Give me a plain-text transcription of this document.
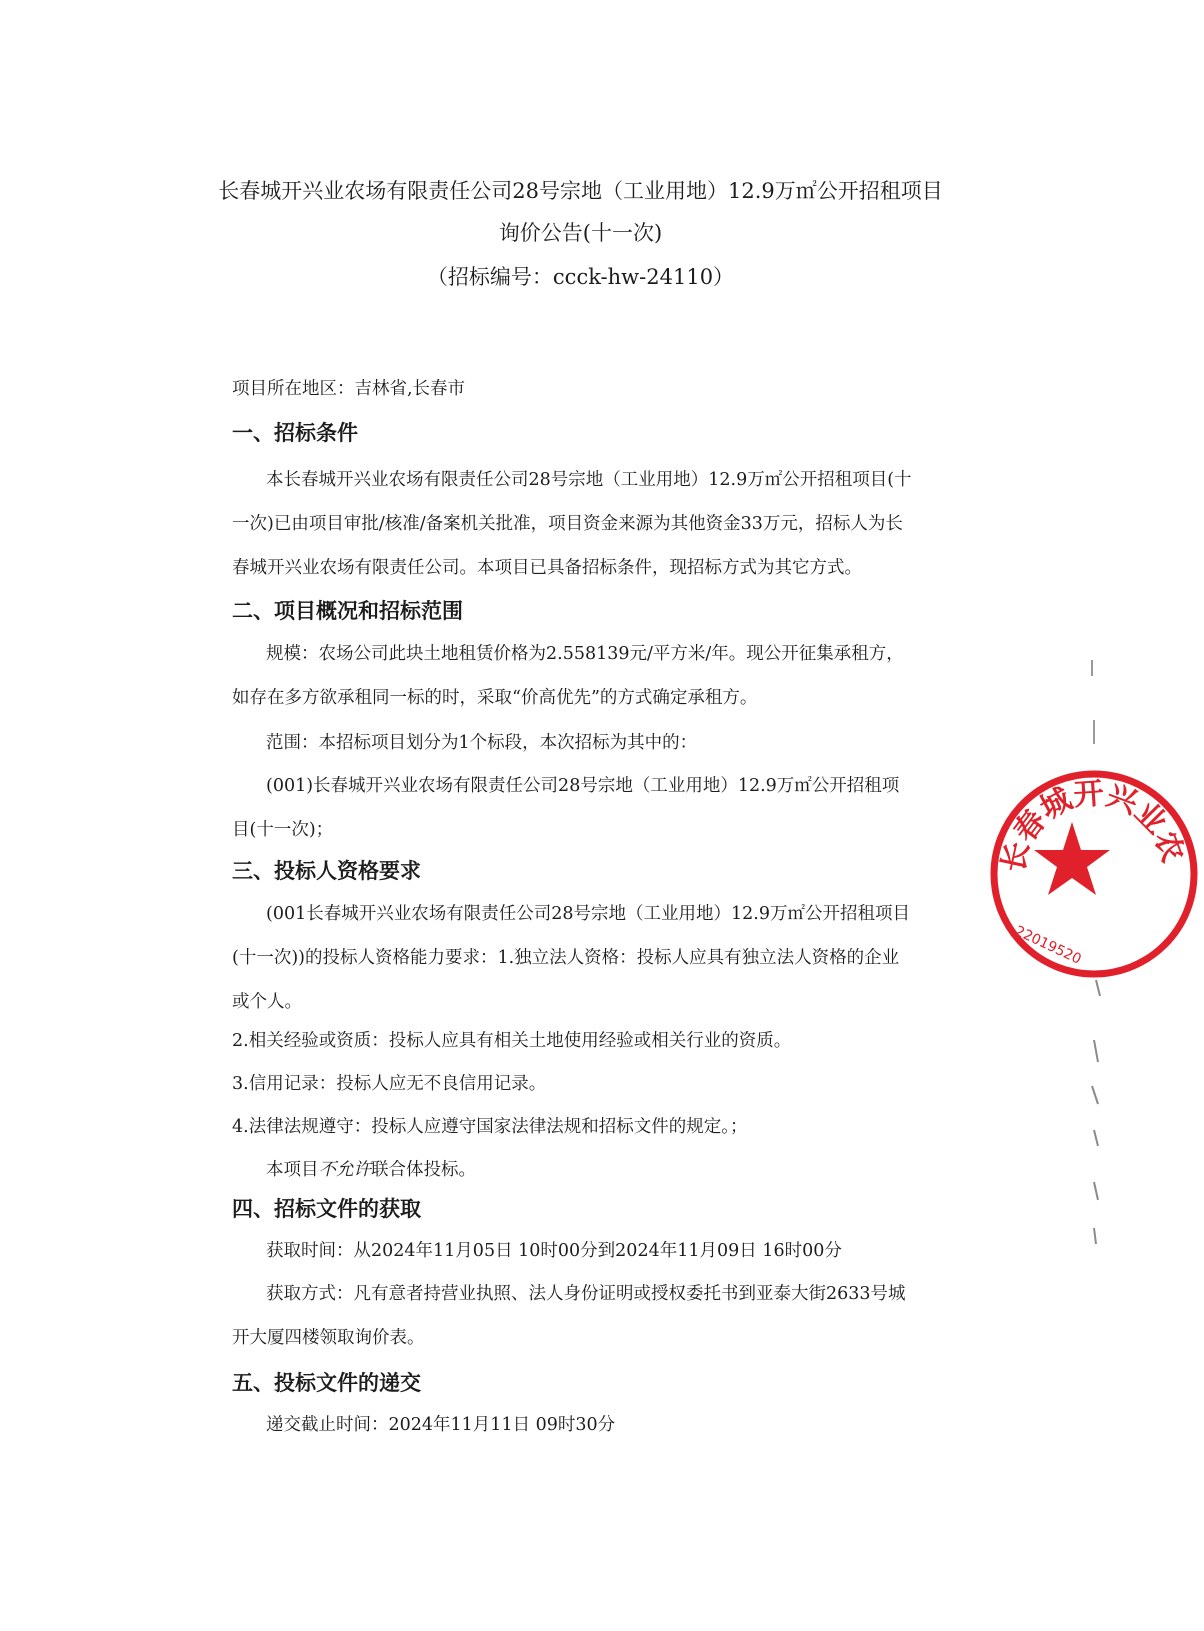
长春城开兴业农场有限责任公司28号宗地（工业用地）12.9万㎡公开招租项目
询价公告(十一次)
（招标编号：ccck-hw-24110）
项目所在地区：吉林省,长春市
一、招标条件
本长春城开兴业农场有限责任公司28号宗地（工业用地）12.9万㎡公开招租项目(十一次)已由项目审批/核准/备案机关批准，项目资金来源为其他资金33万元，招标人为长春城开兴业农场有限责任公司。本项目已具备招标条件，现招标方式为其它方式。
二、项目概况和招标范围
规模：农场公司此块土地租赁价格为2.558139元/平方米/年。现公开征集承租方，如存在多方欲承租同一标的时，采取“价高优先”的方式确定承租方。
范围：本招标项目划分为1个标段，本次招标为其中的：
(001)长春城开兴业农场有限责任公司28号宗地（工业用地）12.9万㎡公开招租项目(十一次)；
三、投标人资格要求
(001长春城开兴业农场有限责任公司28号宗地（工业用地）12.9万㎡公开招租项目(十一次))的投标人资格能力要求：1.独立法人资格：投标人应具有独立法人资格的企业或个人。
2.相关经验或资质：投标人应具有相关土地使用经验或相关行业的资质。
3.信用记录：投标人应无不良信用记录。
4.法律法规遵守：投标人应遵守国家法律法规和招标文件的规定。；
本项目不允许联合体投标。
四、招标文件的获取
获取时间：从2024年11月05日 10时00分到2024年11月09日 16时00分
获取方式：凡有意者持营业执照、法人身份证明或授权委托书到亚泰大街2633号城开大厦四楼领取询价表。
五、投标文件的递交
递交截止时间：2024年11月11日 09时30分
长春城开兴业农
22019520
